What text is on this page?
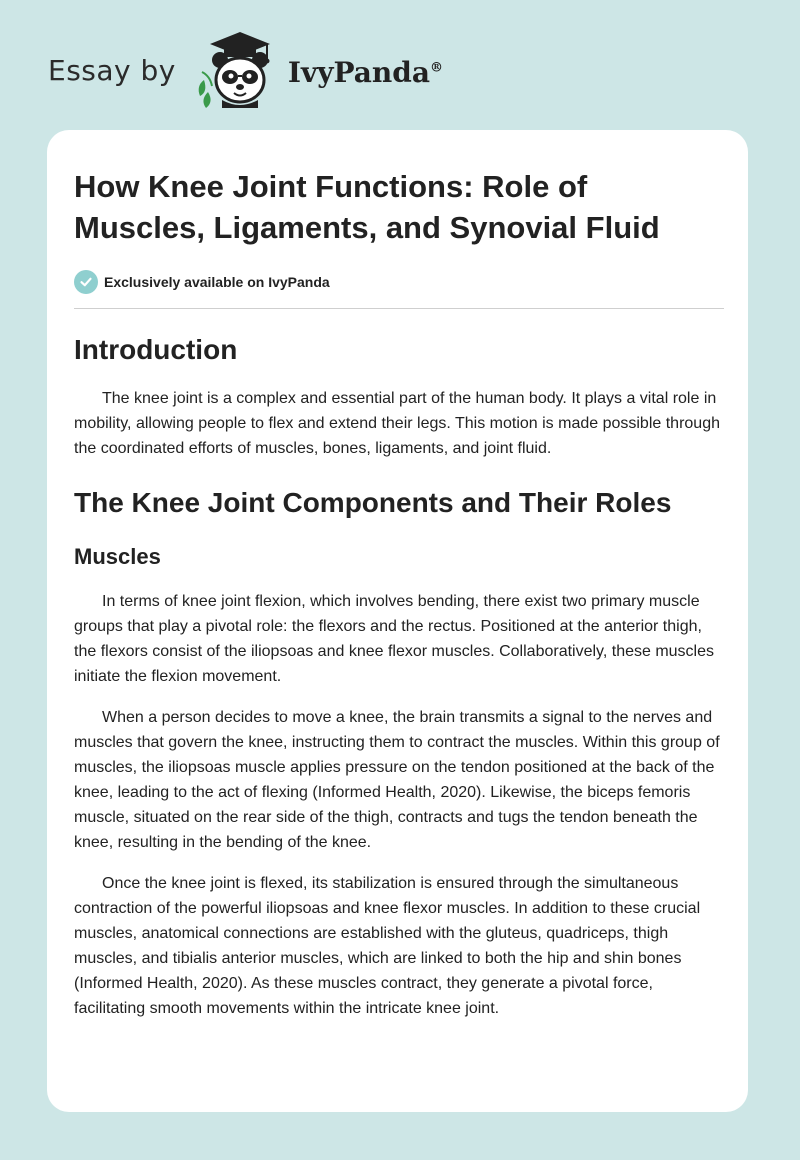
Essay by	IvyPanda®
How Knee Joint Functions: Role of Muscles, Ligaments, and Synovial Fluid
Exclusively available on IvyPanda
Introduction

The knee joint is a complex and essential part of the human body. It plays a vital role in mobility, allowing people to flex and extend their legs. This motion is made possible through the coordinated efforts of muscles, bones, ligaments, and joint fluid.

The Knee Joint Components and Their Roles
Muscles

In terms of knee joint flexion, which involves bending, there exist two primary muscle groups that play a pivotal role: the flexors and the rectus. Positioned at the anterior thigh, the flexors consist of the iliopsoas and knee flexor muscles. Collaboratively, these muscles initiate the flexion movement.

When a person decides to move a knee, the brain transmits a signal to the nerves and muscles that govern the knee, instructing them to contract the muscles. Within this group of muscles, the iliopsoas muscle applies pressure on the tendon positioned at the back of the knee, leading to the act of flexing (Informed Health, 2020). Likewise, the biceps femoris muscle, situated on the rear side of the thigh, contracts and tugs the tendon beneath the knee, resulting in the bending of the knee.

Once the knee joint is flexed, its stabilization is ensured through the simultaneous contraction of the powerful iliopsoas and knee flexor muscles. In addition to these crucial muscles, anatomical connections are established with the gluteus, quadriceps, thigh muscles, and tibialis anterior muscles, which are linked to both the hip and shin bones (Informed Health, 2020). As these muscles contract, they generate a pivotal force, facilitating smooth movements within the intricate knee joint.
